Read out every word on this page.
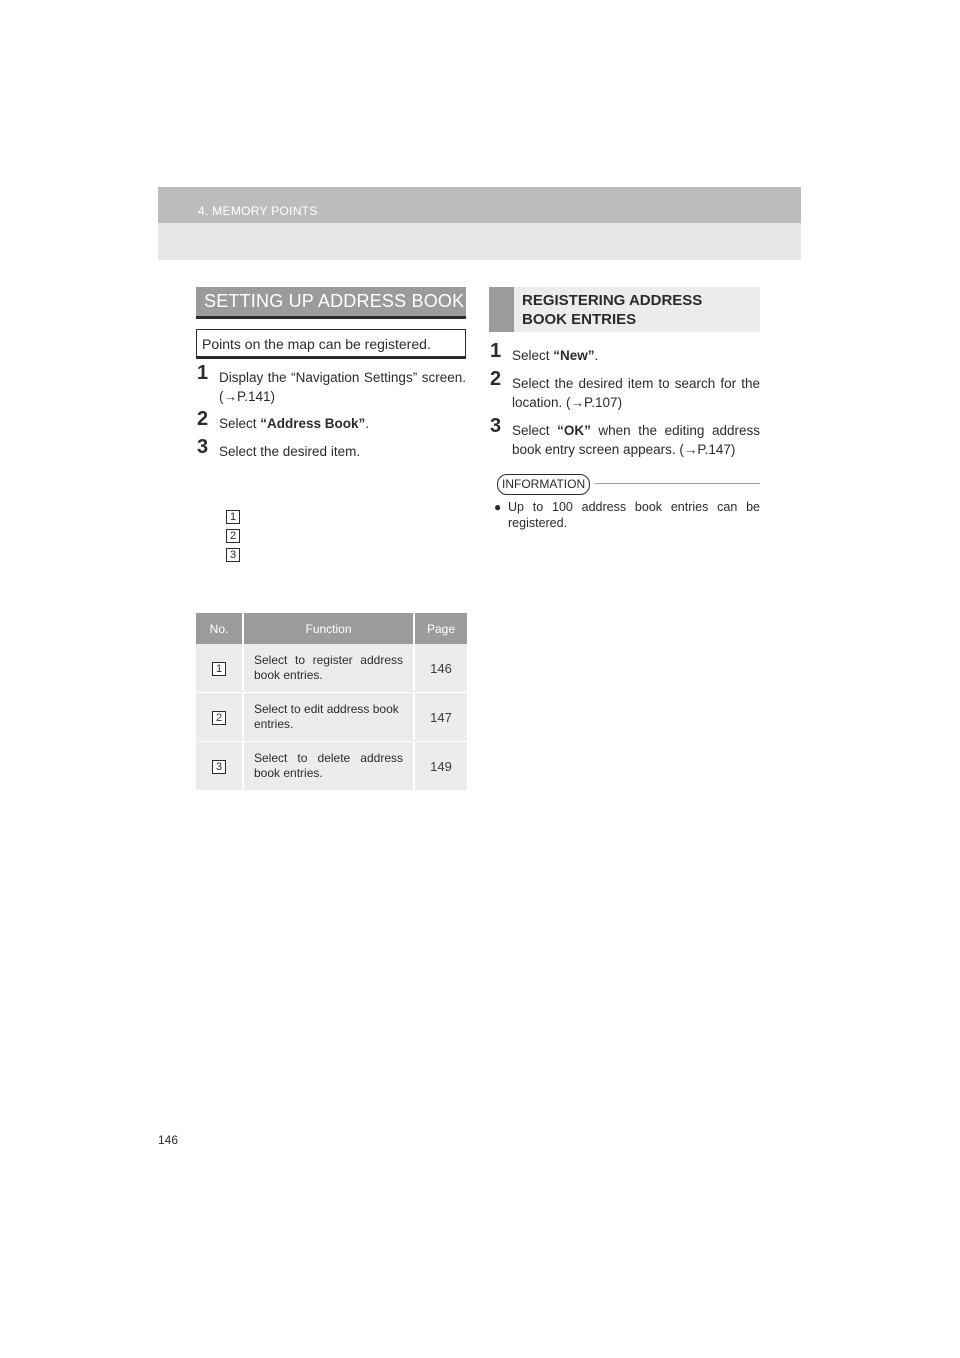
4. MEMORY POINTS
SETTING UP ADDRESS BOOK
Points on the map can be registered.
1 Display the “Navigation Settings” screen. (→P.141)
2 Select “Address Book”.
3 Select the desired item.
1
2
3
No.	Function	Page
1	Select to register address book entries.	146
2	Select to edit address book entries.	147
3	Select to delete address book entries.	149
REGISTERING ADDRESS
BOOK ENTRIES
1 Select “New”.
2 Select the desired item to search for the location. (→P.107)
3 Select “OK” when the editing address book entry screen appears. (→P.147)
INFORMATION
● Up to 100 address book entries can be registered.
146
